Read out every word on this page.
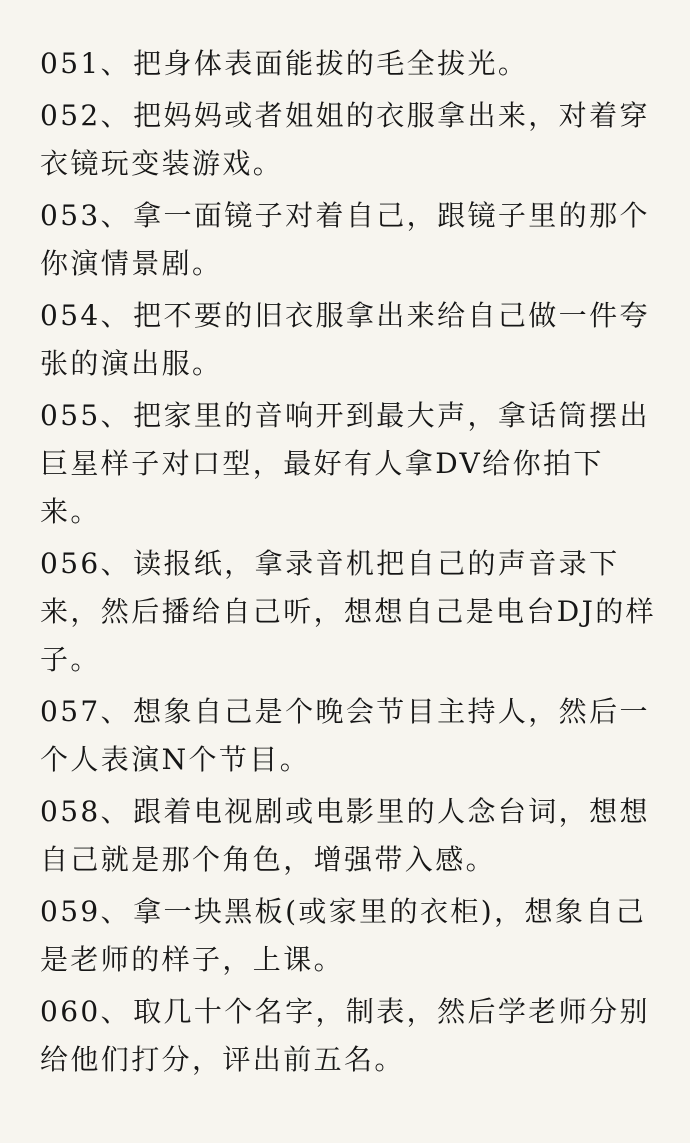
051、把身体表面能拔的毛全拔光。
052、把妈妈或者姐姐的衣服拿出来，对着穿衣镜玩变装游戏。
053、拿一面镜子对着自己，跟镜子里的那个你演情景剧。
054、把不要的旧衣服拿出来给自己做一件夸张的演出服。
055、把家里的音响开到最大声，拿话筒摆出巨星样子对口型，最好有人拿DV给你拍下来。
056、读报纸，拿录音机把自己的声音录下来，然后播给自己听，想想自己是电台DJ的样子。
057、想象自己是个晚会节目主持人，然后一个人表演N个节目。
058、跟着电视剧或电影里的人念台词，想想自己就是那个角色，增强带入感。
059、拿一块黑板(或家里的衣柜)，想象自己是老师的样子，上课。
060、取几十个名字，制表，然后学老师分别给他们打分，评出前五名。
